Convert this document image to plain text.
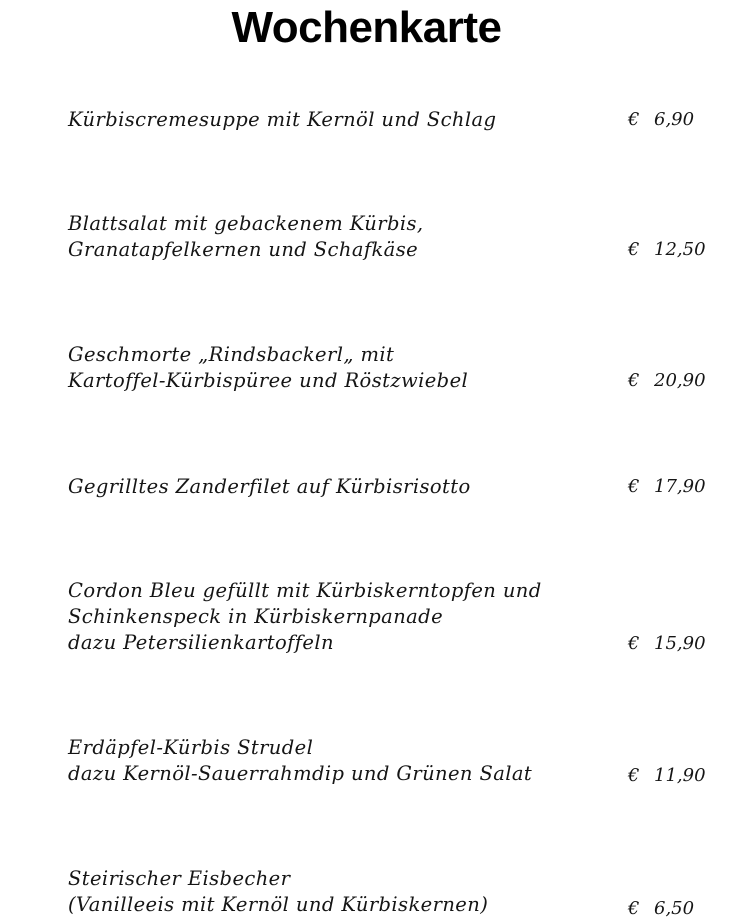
Wochenkarte
Kürbiscremesuppe mit Kernöl und Schlag	€ 6,90
Blattsalat mit gebackenem Kürbis,
Granatapfelkernen und Schafkäse	€ 12,50
Geschmorte „Rindsbackerl„ mit
Kartoffel-Kürbispüree und Röstzwiebel	€ 20,90
Gegrilltes Zanderfilet auf Kürbisrisotto	€ 17,90
Cordon Bleu gefüllt mit Kürbiskerntopfen und
Schinkenspeck in Kürbiskernpanade
dazu Petersilienkartoffeln	€ 15,90
Erdäpfel-Kürbis Strudel
dazu Kernöl-Sauerrahmdip und Grünen Salat	€ 11,90
Steirischer Eisbecher
(Vanilleeis mit Kernöl und Kürbiskernen)	€ 6,50
